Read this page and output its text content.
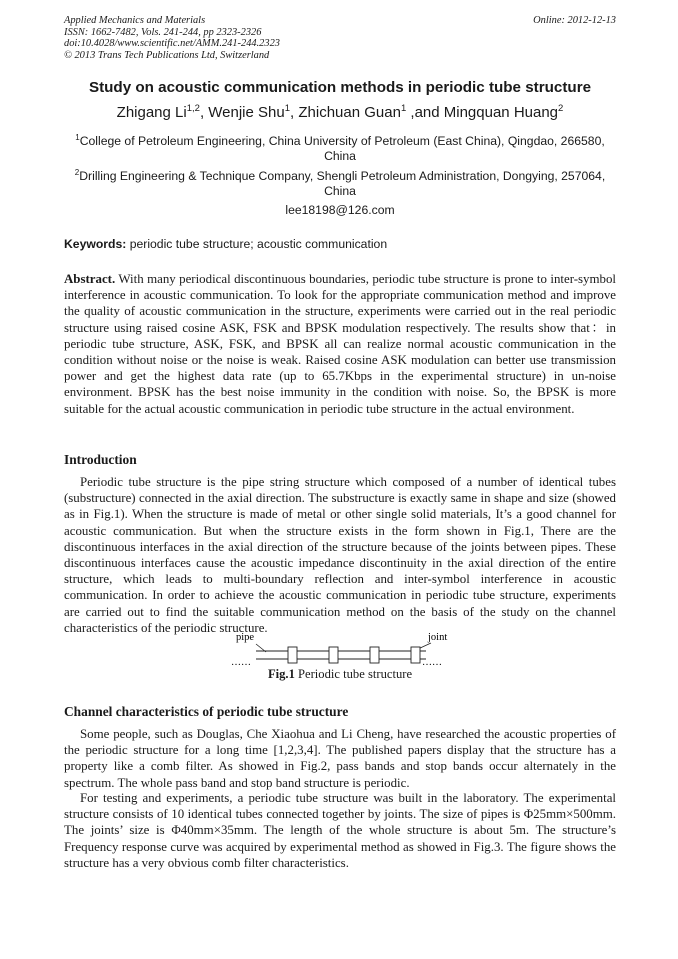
Applied Mechanics and Materials
ISSN: 1662-7482, Vols. 241-244, pp 2323-2326
doi:10.4028/www.scientific.net/AMM.241-244.2323
© 2013 Trans Tech Publications Ltd, Switzerland
Online: 2012-12-13
Study on acoustic communication methods in periodic tube structure
Zhigang Li$^{1,2}$, Wenjie Shu$^1$, Zhichuan Guan$^1$ ,and Mingquan Huang$^2$
$^1$College of Petroleum Engineering, China University of Petroleum (East China), Qingdao, 266580, China
$^2$Drilling Engineering & Technique Company, Shengli Petroleum Administration, Dongying, 257064, China
lee18198@126.com
Keywords: periodic tube structure; acoustic communication
Abstract. With many periodical discontinuous boundaries, periodic tube structure is prone to inter-symbol interference in acoustic communication. To look for the appropriate communication method and improve the quality of acoustic communication in the structure, experiments were carried out in the real periodic structure using raised cosine ASK, FSK and BPSK modulation respectively. The results show that：in periodic tube structure, ASK, FSK, and BPSK all can realize normal acoustic communication in the condition without noise or the noise is weak. Raised cosine ASK modulation can better use transmission power and get the highest data rate (up to 65.7Kbps in the experimental structure) in un-noise environment. BPSK has the best noise immunity in the condition with noise. So, the BPSK is more suitable for the actual acoustic communication in periodic tube structure in the actual environment.
Introduction
Periodic tube structure is the pipe string structure which composed of a number of identical tubes (substructure) connected in the axial direction. The substructure is exactly same in shape and size (showed as in Fig.1). When the structure is made of metal or other single solid materials, It’s a good channel for acoustic communication. But when the structure exists in the form shown in Fig.1, There are the discontinuous interfaces in the axial direction of the structure because of the joints between pipes. These discontinuous interfaces cause the acoustic impedance discontinuity in the axial direction of the entire structure, which leads to multi-boundary reflection and inter-symbol interference in acoustic communication. In order to achieve the acoustic communication in periodic tube structure, experiments are carried out to find the suitable communication method on the basis of the study on the channel characteristics of the periodic structure.
pipe	joint
……	……
Fig.1 Periodic tube structure
Channel characteristics of periodic tube structure
Some people, such as Douglas, Che Xiaohua and Li Cheng, have researched the acoustic properties of the periodic structure for a long time [1,2,3,4]. The published papers display that the structure has a property like a comb filter. As showed in Fig.2, pass bands and stop bands occur alternately in the spectrum. The whole pass band and stop band structure is periodic.
For testing and experiments, a periodic tube structure was built in the laboratory. The experimental structure consists of 10 identical tubes connected together by joints. The size of pipes is Φ25mm×500mm. The joints’ size is Φ40mm×35mm. The length of the whole structure is about 5m. The structure’s Frequency response curve was acquired by experimental method as showed in Fig.3. The figure shows the structure has a very obvious comb filter characteristics.
